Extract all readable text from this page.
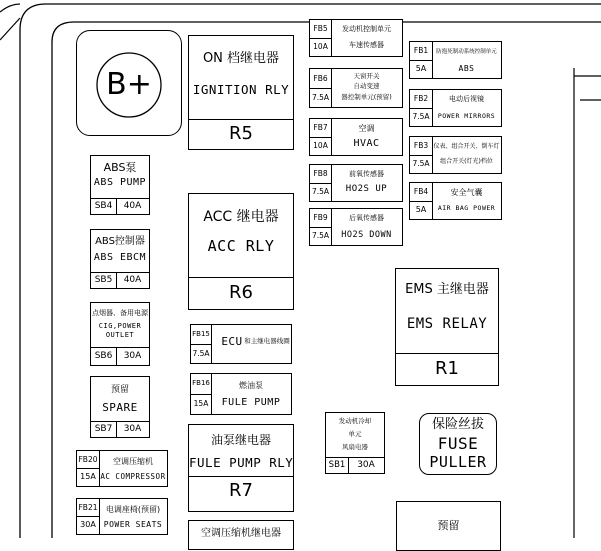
B+
ON 档继电器
IGNITION RLY
R5
ACC 继电器
ACC RLY
R6	EMS 主继电器
EMS RELAY
R1
油泵继电器
FULE PUMP RLY
R7
空调压缩机继电器
ABS泵
ABS PUMP
SB4	40A
ABS控制器
ABS EBCM
SB5	40A
点烟器、备用电源
CIG,POWER OUTLET
SB6	30A
预留
SPARE
SB7	30A
FB20
15A
空调压缩机
AC COMPRESSOR
FB21
30A
电调座椅(预留)
POWER SEATS
FB5
10A
发动机控制单元
车速传感器
FB6
7.5A
天窗开关
自动变速
器控制单元(预留)
FB7
10A
空调
HVAC
FB8
7.5A
前氧传感器
HO2S UP
FB9
7.5A
后氧传感器
HO2S DOWN
FB15
7.5A
ECU 和主继电器线圈
FB16
15A
燃油泵
FULE PUMP
FB1
5A
防抱死制动系统控制单元
ABS
FB2
7.5A
电动后视镜
POWER MIRRORS
FB3
7.5A
仪表、组合开关、倒车灯
组合开关(灯光)档位
FB4
5A
安全气囊
AIR BAG POWER
发动机冷却
单元
风扇电器
SB1	30A
保险丝拔
FUSE
PULLER
预留
